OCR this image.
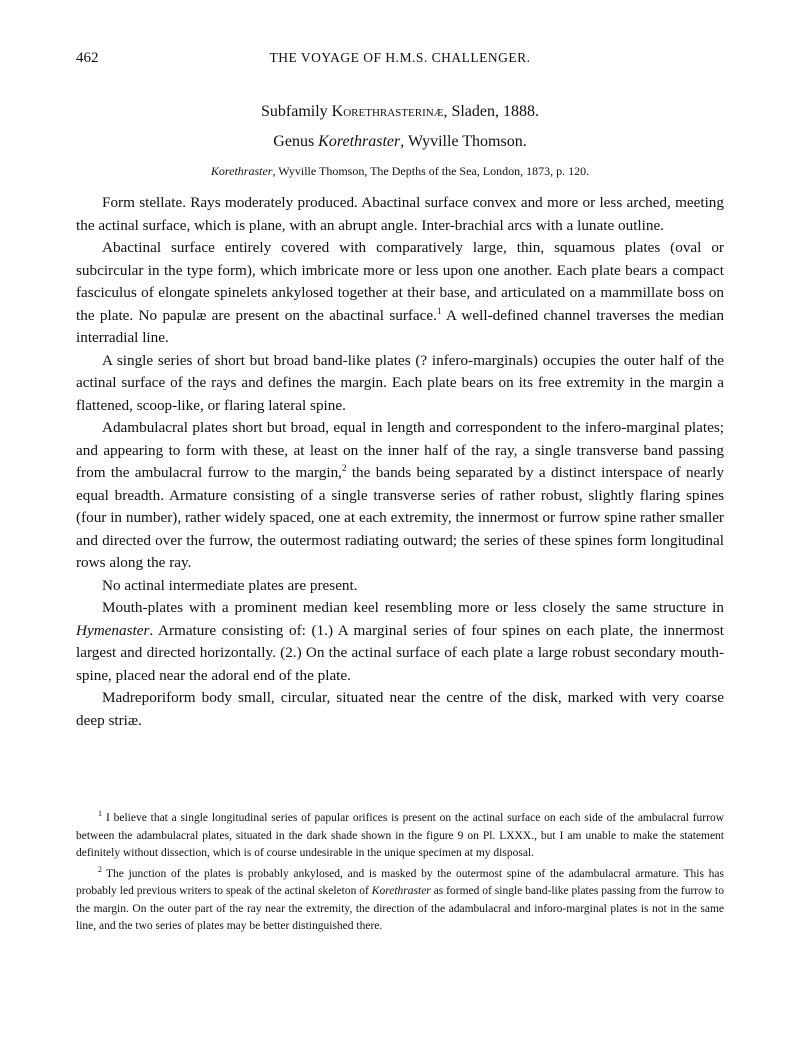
462	THE VOYAGE OF H.M.S. CHALLENGER.
Subfamily Korethrasterinæ, Sladen, 1888.
Genus Korethraster, Wyville Thomson.
Korethraster, Wyville Thomson, The Depths of the Sea, London, 1873, p. 120.

Form stellate. Rays moderately produced. Abactinal surface convex and more or less arched, meeting the actinal surface, which is plane, with an abrupt angle. Inter-brachial arcs with a lunate outline.

Abactinal surface entirely covered with comparatively large, thin, squamous plates (oval or subcircular in the type form), which imbricate more or less upon one another. Each plate bears a compact fasciculus of elongate spinelets ankylosed together at their base, and articulated on a mammillate boss on the plate. No papulæ are present on the abactinal surface.$^1$ A well-defined channel traverses the median interradial line.

A single series of short but broad band-like plates (? infero-marginals) occupies the outer half of the actinal surface of the rays and defines the margin. Each plate bears on its free extremity in the margin a flattened, scoop-like, or flaring lateral spine.

Adambulacral plates short but broad, equal in length and correspondent to the infero-marginal plates; and appearing to form with these, at least on the inner half of the ray, a single transverse band passing from the ambulacral furrow to the margin,$^2$ the bands being separated by a distinct interspace of nearly equal breadth. Armature consisting of a single transverse series of rather robust, slightly flaring spines (four in number), rather widely spaced, one at each extremity, the innermost or furrow spine rather smaller and directed over the furrow, the outermost radiating outward; the series of these spines form longitudinal rows along the ray.

No actinal intermediate plates are present.

Mouth-plates with a prominent median keel resembling more or less closely the same structure in Hymenaster. Armature consisting of: (1.) A marginal series of four spines on each plate, the innermost largest and directed horizontally. (2.) On the actinal surface of each plate a large robust secondary mouth-spine, placed near the adoral end of the plate.

Madreporiform body small, circular, situated near the centre of the disk, marked with very coarse deep striæ.

$^1$ I believe that a single longitudinal series of papular orifices is present on the actinal surface on each side of the ambulacral furrow between the adambulacral plates, situated in the dark shade shown in the figure 9 on Pl. LXXX., but I am unable to make the statement definitely without dissection, which is of course undesirable in the unique specimen at my disposal.

$^2$ The junction of the plates is probably ankylosed, and is masked by the outermost spine of the adambulacral armature. This has probably led previous writers to speak of the actinal skeleton of Korethraster as formed of single band-like plates passing from the furrow to the margin. On the outer part of the ray near the extremity, the direction of the adambulacral and inforo-marginal plates is not in the same line, and the two series of plates may be better distinguished there.
